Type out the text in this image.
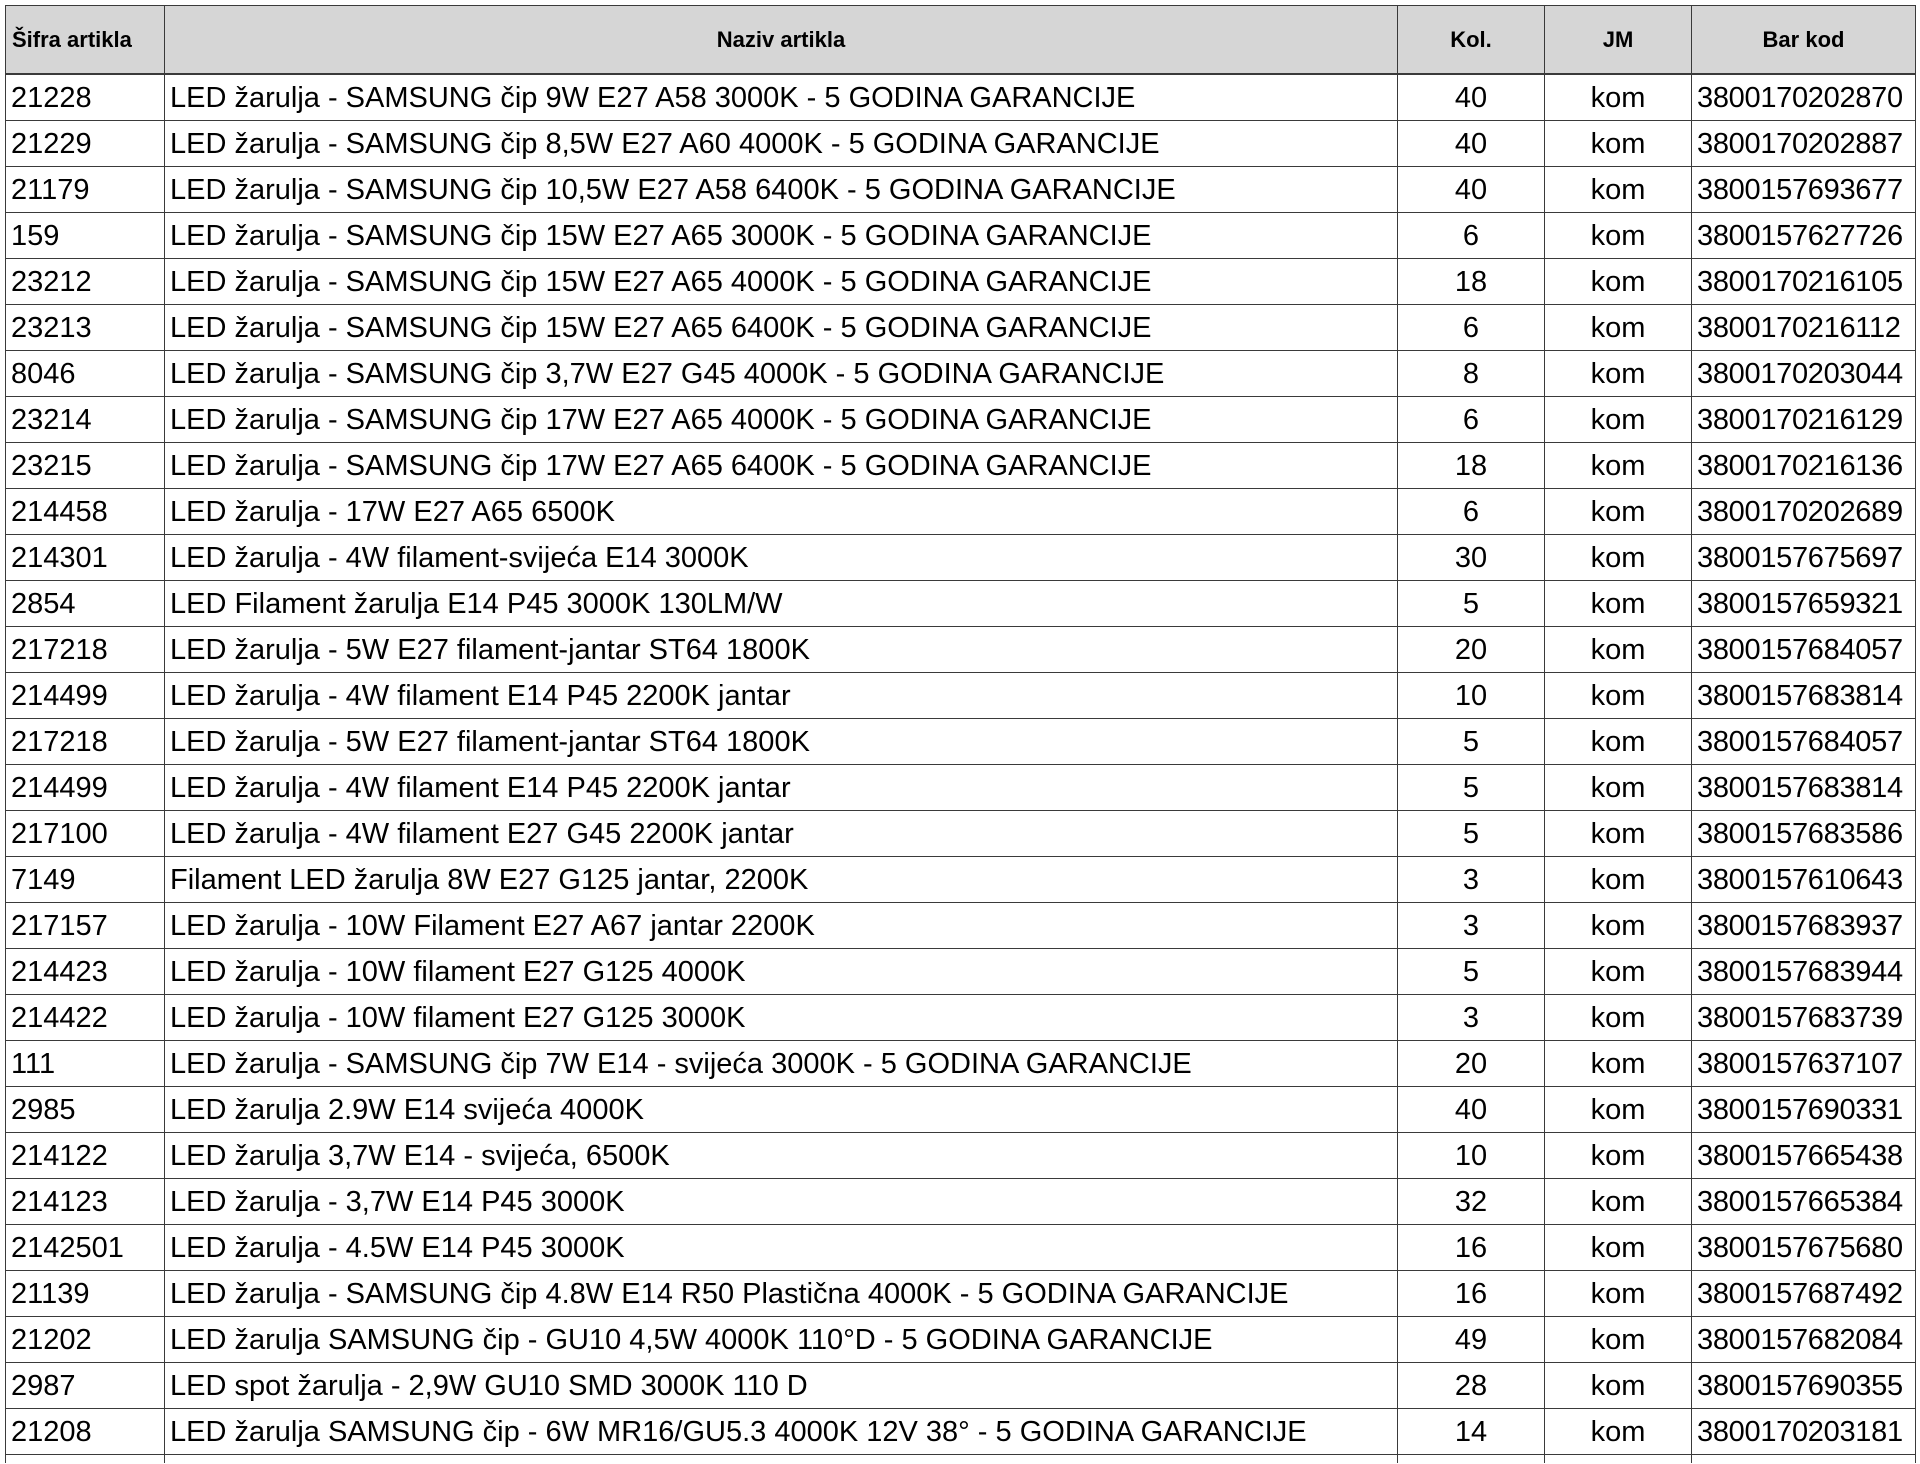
Šifra artikla	Naziv artikla	Kol.	JM	Bar kod
21228	LED žarulja - SAMSUNG čip 9W E27 A58 3000K - 5 GODINA GARANCIJE	40	kom	3800170202870
21229	LED žarulja - SAMSUNG čip 8,5W E27 A60 4000K - 5 GODINA GARANCIJE	40	kom	3800170202887
21179	LED žarulja - SAMSUNG čip 10,5W E27 A58 6400K - 5 GODINA GARANCIJE	40	kom	3800157693677
159	LED žarulja - SAMSUNG čip 15W E27 A65 3000K - 5 GODINA GARANCIJE	6	kom	3800157627726
23212	LED žarulja - SAMSUNG čip 15W E27 A65 4000K - 5 GODINA GARANCIJE	18	kom	3800170216105
23213	LED žarulja - SAMSUNG čip 15W E27 A65 6400K - 5 GODINA GARANCIJE	6	kom	3800170216112
8046	LED žarulja - SAMSUNG čip 3,7W E27 G45 4000K - 5 GODINA GARANCIJE	8	kom	3800170203044
23214	LED žarulja - SAMSUNG čip 17W E27 A65 4000K - 5 GODINA GARANCIJE	6	kom	3800170216129
23215	LED žarulja - SAMSUNG čip 17W E27 A65 6400K - 5 GODINA GARANCIJE	18	kom	3800170216136
214458	LED žarulja - 17W E27 A65 6500K	6	kom	3800170202689
214301	LED žarulja - 4W filament-svijeća E14 3000K	30	kom	3800157675697
2854	LED Filament žarulja E14 P45 3000K 130LM/W	5	kom	3800157659321
217218	LED žarulja - 5W E27 filament-jantar ST64 1800K	20	kom	3800157684057
214499	LED žarulja - 4W filament E14 P45 2200K jantar	10	kom	3800157683814
217218	LED žarulja - 5W E27 filament-jantar ST64 1800K	5	kom	3800157684057
214499	LED žarulja - 4W filament E14 P45 2200K jantar	5	kom	3800157683814
217100	LED žarulja - 4W filament E27 G45 2200K jantar	5	kom	3800157683586
7149	Filament LED žarulja 8W E27 G125 jantar, 2200K	3	kom	3800157610643
217157	LED žarulja - 10W Filament E27 A67 jantar 2200K	3	kom	3800157683937
214423	LED žarulja - 10W filament E27 G125 4000K	5	kom	3800157683944
214422	LED žarulja - 10W filament E27 G125 3000K	3	kom	3800157683739
111	LED žarulja - SAMSUNG čip 7W E14 - svijeća 3000K - 5 GODINA GARANCIJE	20	kom	3800157637107
2985	LED žarulja 2.9W E14 svijeća 4000K	40	kom	3800157690331
214122	LED žarulja 3,7W E14 - svijeća, 6500K	10	kom	3800157665438
214123	LED žarulja - 3,7W E14 P45 3000K	32	kom	3800157665384
2142501	LED žarulja - 4.5W E14 P45 3000K	16	kom	3800157675680
21139	LED žarulja - SAMSUNG čip 4.8W E14 R50 Plastična 4000K - 5 GODINA GARANCIJE	16	kom	3800157687492
21202	LED žarulja SAMSUNG čip - GU10 4,5W 4000K 110°D - 5 GODINA GARANCIJE	49	kom	3800157682084
2987	LED spot žarulja - 2,9W GU10 SMD 3000K 110 D	28	kom	3800157690355
21208	LED žarulja SAMSUNG čip - 6W MR16/GU5.3 4000K 12V 38° - 5 GODINA GARANCIJE	14	kom	3800170203181
